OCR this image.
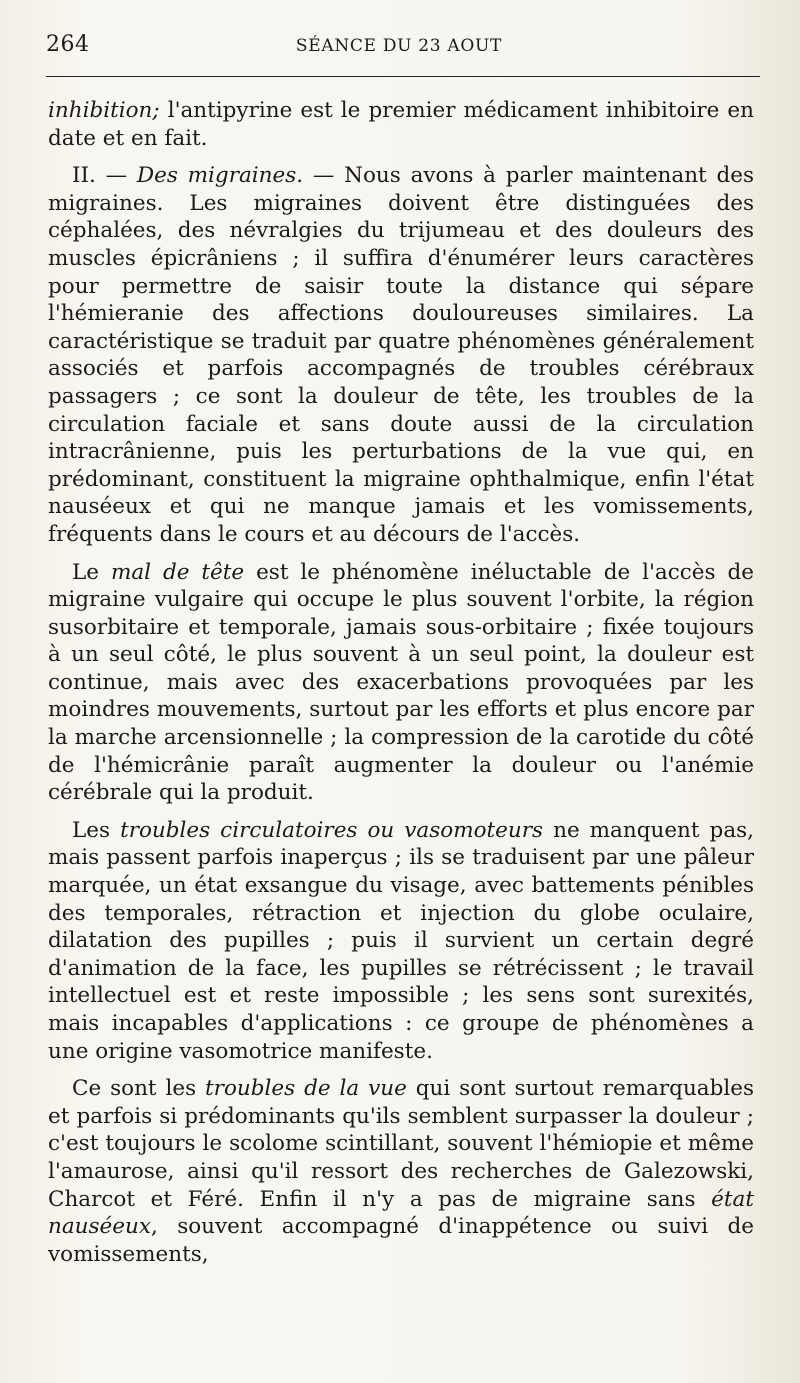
264	SÉANCE DU 23 AOUT

inhibition; l'antipyrine est le premier médicament inhibitoire en date et en fait.

II. — Des migraines. — Nous avons à parler maintenant des migraines. Les migraines doivent être distinguées des céphalées, des névralgies du trijumeau et des douleurs des muscles épicrâniens ; il suffira d'énumérer leurs caractères pour permettre de saisir toute la distance qui sépare l'hémieranie des affections douloureuses similaires. La caractéristique se traduit par quatre phénomènes généralement associés et parfois accompagnés de troubles cérébraux passagers ; ce sont la douleur de tête, les troubles de la circulation faciale et sans doute aussi de la circulation intracrânienne, puis les perturbations de la vue qui, en prédominant, constituent la migraine ophthalmique, enfin l'état nauséeux et qui ne manque jamais et les vomissements, fréquents dans le cours et au décours de l'accès.

Le mal de tête est le phénomène inéluctable de l'accès de migraine vulgaire qui occupe le plus souvent l'orbite, la région susorbitaire et temporale, jamais sous-orbitaire ; fixée toujours à un seul côté, le plus souvent à un seul point, la douleur est continue, mais avec des exacerbations provoquées par les moindres mouvements, surtout par les efforts et plus encore par la marche arcensionnelle ; la compression de la carotide du côté de l'hémicrânie paraît augmenter la douleur ou l'anémie cérébrale qui la produit.

Les troubles circulatoires ou vasomoteurs ne manquent pas, mais passent parfois inaperçus ; ils se traduisent par une pâleur marquée, un état exsangue du visage, avec battements pénibles des temporales, rétraction et injection du globe oculaire, dilatation des pupilles ; puis il survient un certain degré d'animation de la face, les pupilles se rétrécissent ; le travail intellectuel est et reste impossible ; les sens sont surexités, mais incapables d'applications : ce groupe de phénomènes a une origine vasomotrice manifeste.

Ce sont les troubles de la vue qui sont surtout remarquables et parfois si prédominants qu'ils semblent surpasser la douleur ; c'est toujours le scolome scintillant, souvent l'hémiopie et même l'amaurose, ainsi qu'il ressort des recherches de Galezowski, Charcot et Féré. Enfin il n'y a pas de migraine sans état nauséeux, souvent accompagné d'inappétence ou suivi de vomissements,
